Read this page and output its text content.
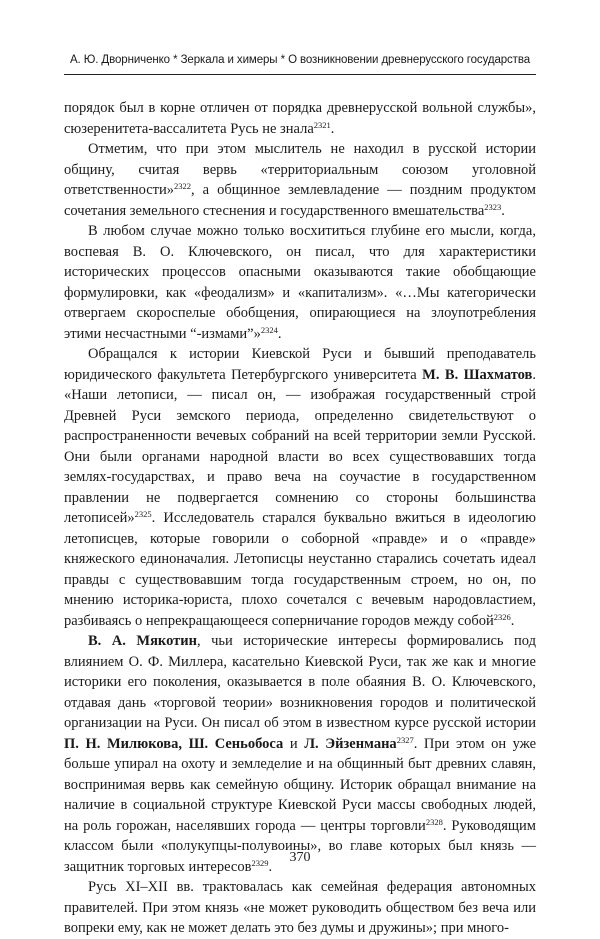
А. Ю. Дворниченко * Зеркала и химеры * О возникновении древнерусского государства

порядок был в корне отличен от порядка древнерусской вольной службы», сюзеренитета-вассалитета Русь не знала$^{2321}$.

Отметим, что при этом мыслитель не находил в русской истории общину, считая вервь «территориальным союзом уголовной ответственности»$^{2322}$, а общинное землевладение — поздним продуктом сочетания земельного стеснения и государственного вмешательства$^{2323}$.

В любом случае можно только восхититься глубине его мысли, когда, воспевая В. О. Ключевского, он писал, что для характеристики исторических процессов опасными оказываются такие обобщающие формулировки, как «феодализм» и «капитализм». «…Мы категорически отвергаем скороспелые обобщения, опирающиеся на злоупотребления этими несчастными “-измами”»$^{2324}$.

Обращался к истории Киевской Руси и бывший преподаватель юридического факультета Петербургского университета М. В. Шахматов. «Наши летописи, — писал он, — изображая государственный строй Древней Руси земского периода, определенно свидетельствуют о распространенности вечевых собраний на всей территории земли Русской. Они были органами народной власти во всех существовавших тогда землях-государствах, и право веча на соучастие в государственном правлении не подвергается сомнению со стороны большинства летописей»$^{2325}$. Исследователь старался буквально вжиться в идеологию летописцев, которые говорили о соборной «правде» и о «правде» княжеского единоначалия. Летописцы неустанно старались сочетать идеал правды с существовавшим тогда государственным строем, но он, по мнению историка-юриста, плохо сочетался с вечевым народовластием, разбиваясь о непрекращающееся соперничание городов между собой$^{2326}$.

В. А. Мякотин, чьи исторические интересы формировались под влиянием О. Ф. Миллера, касательно Киевской Руси, так же как и многие историки его поколения, оказывается в поле обаяния В. О. Ключевского, отдавая дань «торговой теории» возникновения городов и политической организации на Руси. Он писал об этом в известном курсе русской истории П. Н. Милюкова, Ш. Сеньобоса и Л. Эйзенмана$^{2327}$. При этом он уже больше упирал на охоту и земледелие и на общинный быт древних славян, воспринимая вервь как семейную общину. Историк обращал внимание на наличие в социальной структуре Киевской Руси массы свободных людей, на роль горожан, населявших города — центры торговли$^{2328}$. Руководящим классом были «полукупцы-полувоины», во главе которых был князь — защитник торговых интересов$^{2329}$.

Русь XI–XII вв. трактовалась как семейная федерация автономных правителей. При этом князь «не может руководить обществом без веча или вопреки ему, как не может делать это без думы и дружины»; при много-

370
